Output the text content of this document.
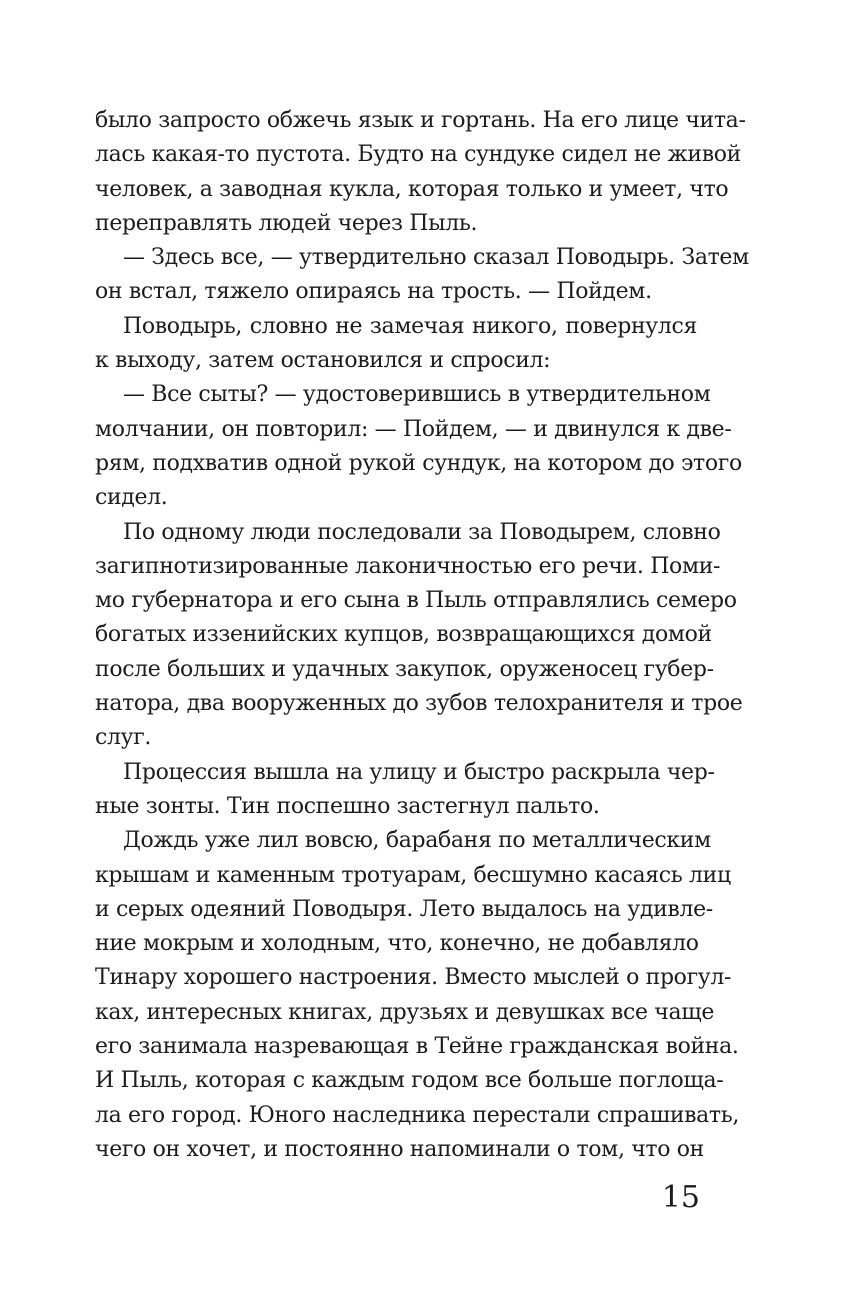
было запросто обжечь язык и гортань. На его лице чита-
лась какая-то пустота. Будто на сундуке сидел не живой
человек, а заводная кукла, которая только и умеет, что
переправлять людей через Пыль.
— Здесь все, — утвердительно сказал Поводырь. Затем
он встал, тяжело опираясь на трость. — Пойдем.
Поводырь, словно не замечая никого, повернулся
к выходу, затем остановился и спросил:
— Все сыты? — удостоверившись в утвердительном
молчании, он повторил: — Пойдем, — и двинулся к две-
рям, подхватив одной рукой сундук, на котором до этого
сидел.
По одному люди последовали за Поводырем, словно
загипнотизированные лаконичностью его речи. Поми-
мо губернатора и его сына в Пыль отправлялись семеро
богатых иззенийских купцов, возвращающихся домой
после больших и удачных закупок, оруженосец губер-
натора, два вооруженных до зубов телохранителя и трое
слуг.
Процессия вышла на улицу и быстро раскрыла чер-
ные зонты. Тин поспешно застегнул пальто.
Дождь уже лил вовсю, барабаня по металлическим
крышам и каменным тротуарам, бесшумно касаясь лиц
и серых одеяний Поводыря. Лето выдалось на удивле-
ние мокрым и холодным, что, конечно, не добавляло
Тинару хорошего настроения. Вместо мыслей о прогул-
ках, интересных книгах, друзьях и девушках все чаще
его занимала назревающая в Тейне гражданская война.
И Пыль, которая с каждым годом все больше поглоща-
ла его город. Юного наследника перестали спрашивать,
чего он хочет, и постоянно напоминали о том, что он
15
